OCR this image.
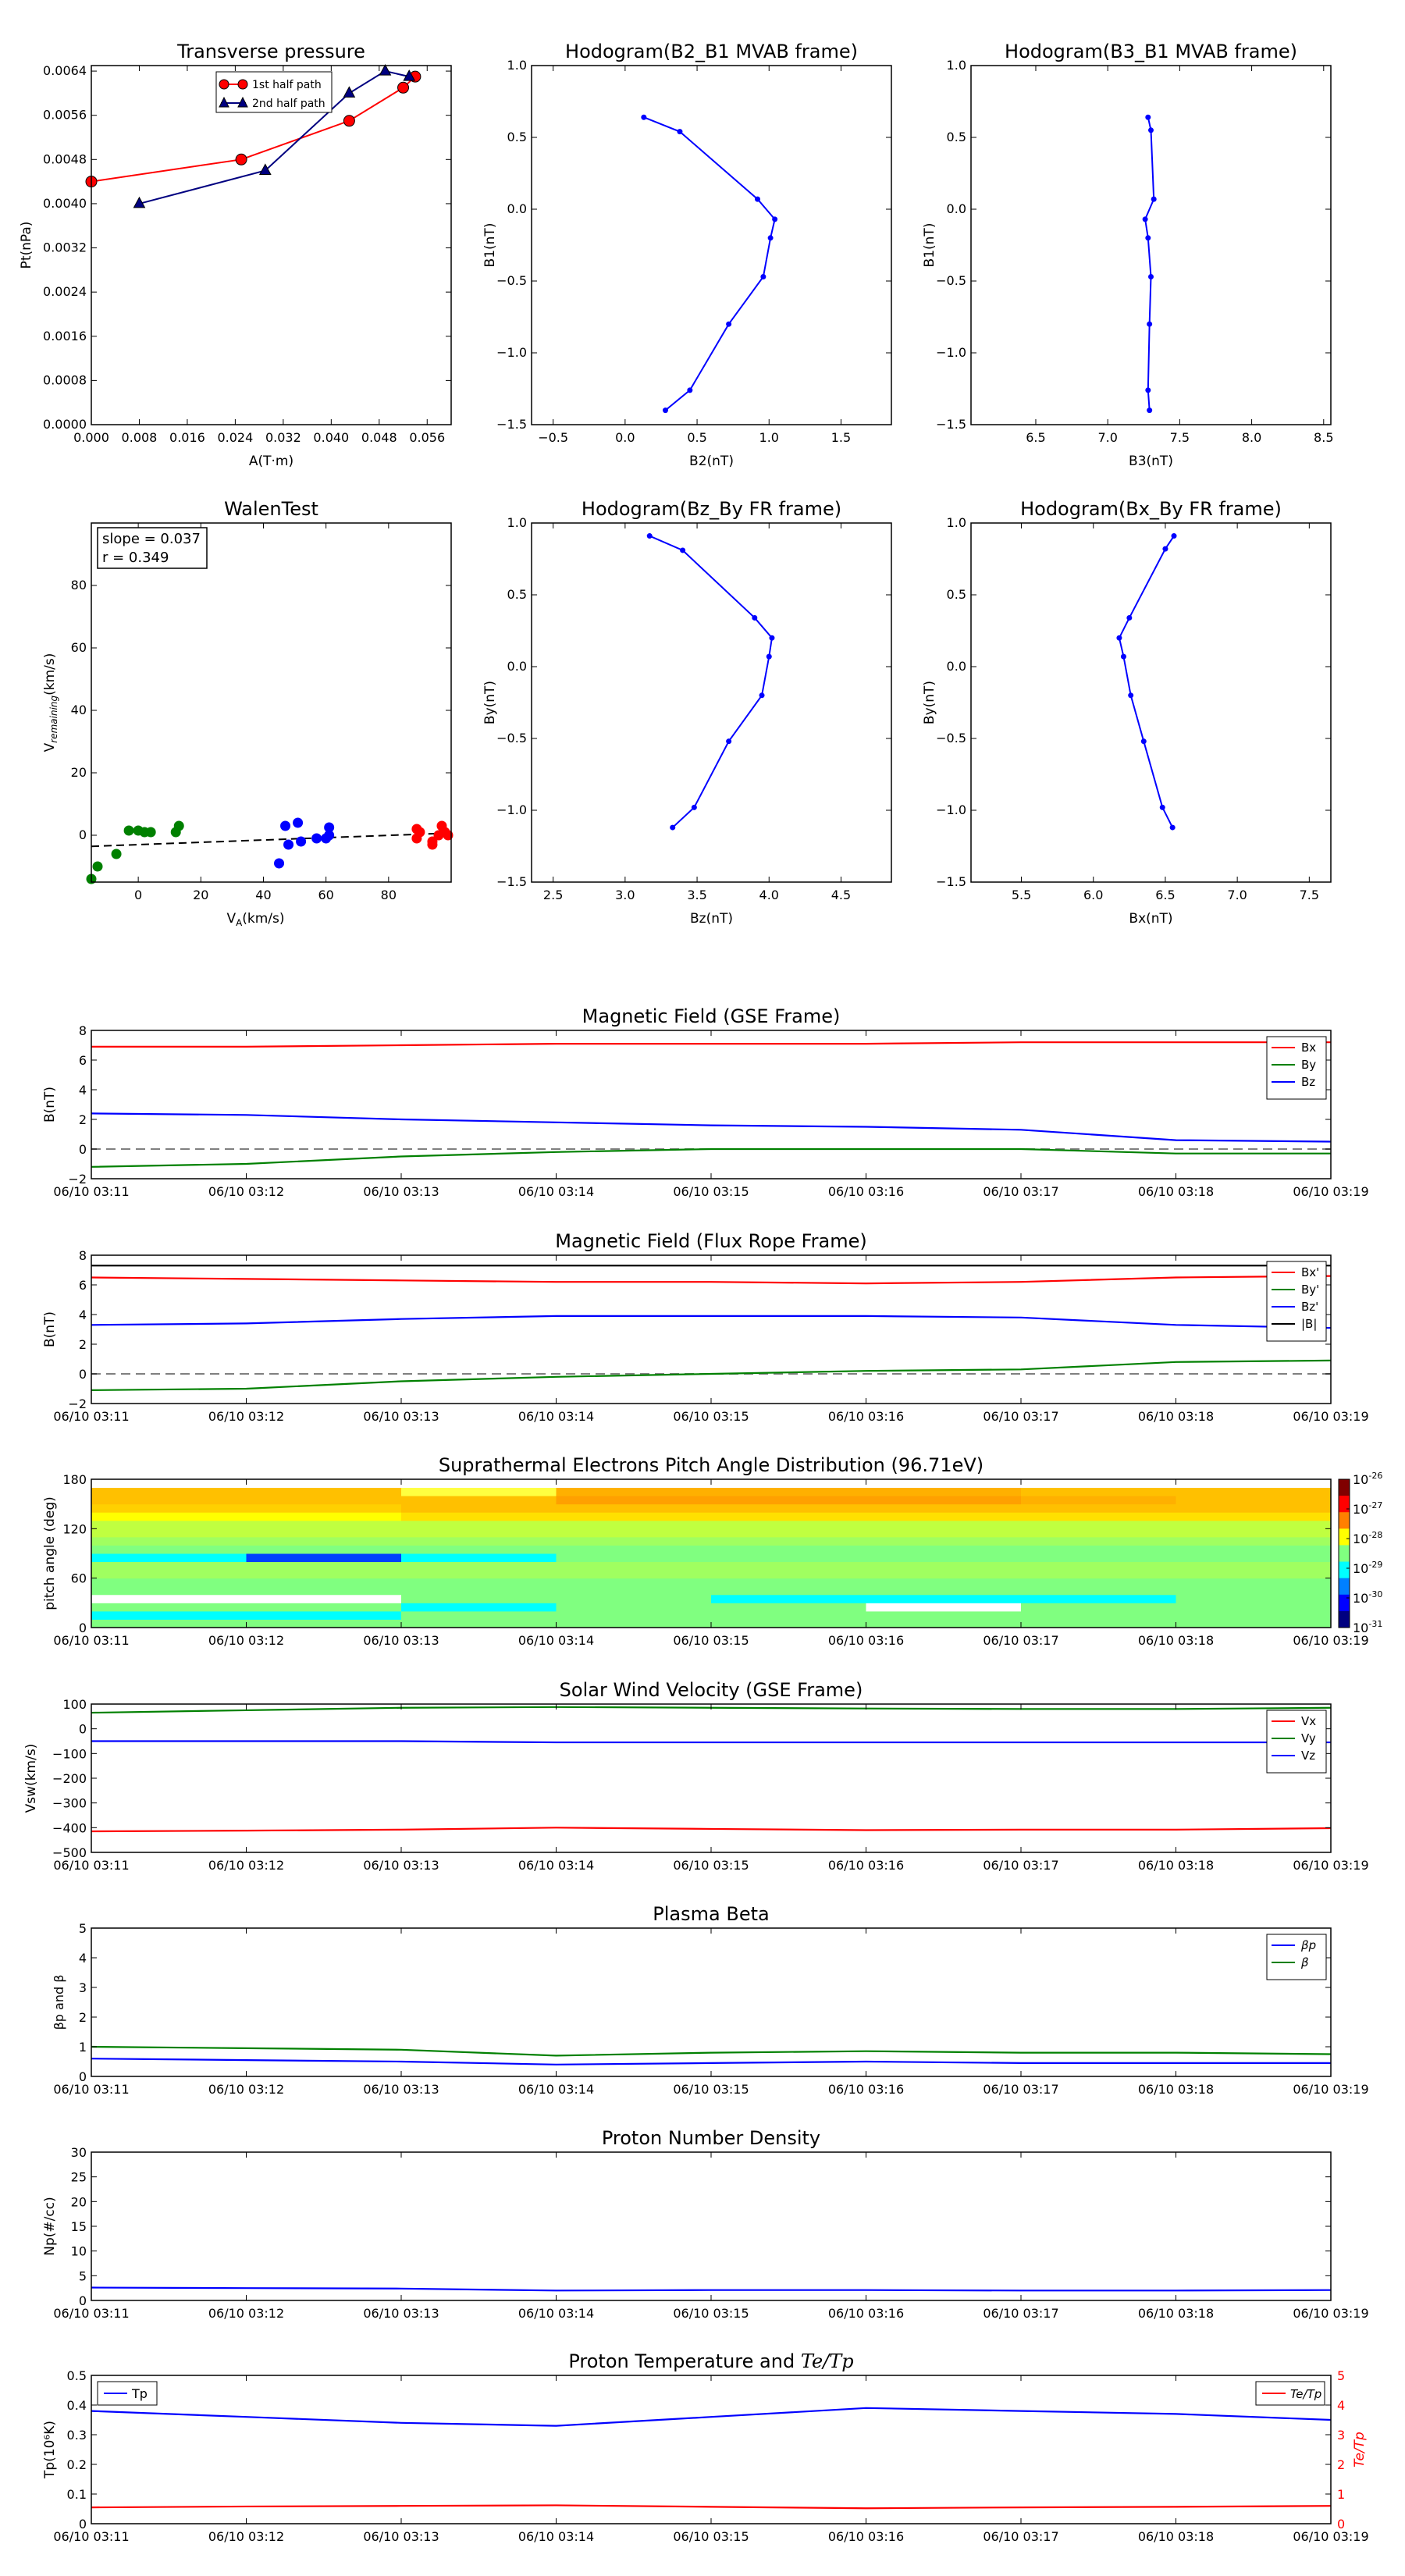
0.000 0.008 0.016 0.024 0.032 0.040 0.048 0.056
0.0000
0.0008
0.0016
0.0024
0.0032
0.0040
0.0048
0.0056
0.0064
Transverse pressure
A(T·m)
Pt(nPa)
1st half path
2nd half path
−0.5	0.0	0.5	1.0	1.5
−1.5
−1.0
−0.5
0.0
0.5
1.0
Hodogram(B2_B1 MVAB frame)
B2(nT)
B1(nT)
6.5	7.0	7.5	8.0	8.5
−1.5
−1.0
−0.5
0.0
0.5
1.0
Hodogram(B3_B1 MVAB frame)
B3(nT)
B1(nT)
0	20	40	60	80
0
20
40
60
80
WalenTest
$V_A(km/s)$
$V_{remaining}(km/s)$
slope = 0.037
r = 0.349
2.5	3.0	3.5	4.0	4.5
−1.5
−1.0
−0.5
0.0
0.5
1.0
Hodogram(Bz_By FR frame)
Bz(nT)
By(nT)
5.5	6.0	6.5	7.0	7.5
−1.5
−1.0
−0.5
0.0
0.5
1.0
Hodogram(Bx_By FR frame)
Bx(nT)
By(nT)
Magnetic Field (GSE Frame)
06/10 03:11	06/10 03:12	06/10 03:13	06/10 03:14	06/10 03:15	06/10 03:16	06/10 03:17	06/10 03:18	06/10 03:19
−2
0
2
4
6
8
B(nT)
Bx
By
Bz
Magnetic Field (Flux Rope Frame)
06/10 03:11	06/10 03:12	06/10 03:13	06/10 03:14	06/10 03:15	06/10 03:16	06/10 03:17	06/10 03:18	06/10 03:19
−2
0
2
4
6
8
B(nT)
Bx'
By'
Bz'
|B|
Suprathermal Electrons Pitch Angle Distribution (96.71eV)
$10^{-26}$
$10^{-27}$
$10^{-28}$
$10^{-29}$
$10^{-30}$
$10^{-31}$
06/10 03:11	06/10 03:12	06/10 03:13	06/10 03:14	06/10 03:15	06/10 03:16	06/10 03:17	06/10 03:18	06/10 03:19
0
60
120
180
pitch angle (deg)
Solar Wind Velocity (GSE Frame)
06/10 03:11	06/10 03:12	06/10 03:13	06/10 03:14	06/10 03:15	06/10 03:16	06/10 03:17	06/10 03:18	06/10 03:19
−500
−400
−300
−200
−100
0
100
Vsw(km/s)
Vx
Vy
Vz
Plasma Beta
06/10 03:11	06/10 03:12	06/10 03:13	06/10 03:14	06/10 03:15	06/10 03:16	06/10 03:17	06/10 03:18	06/10 03:19
0
1
2
3
4
5
βp and β
βp
β
Proton Number Density
06/10 03:11	06/10 03:12	06/10 03:13	06/10 03:14	06/10 03:15	06/10 03:16	06/10 03:17	06/10 03:18	06/10 03:19
0
5
10
15
20
25
30
Np(#/cc)
Proton Temperature and Te/Tp
06/10 03:11	06/10 03:12	06/10 03:13	06/10 03:14	06/10 03:15	06/10 03:16	06/10 03:17	06/10 03:18	06/10 03:19
0
0.1
0.2
0.3
0.4
0.5
0
1
2
3
4
5
Te/Tp
Tp(10⁶K)
Tp	Te/Tp
